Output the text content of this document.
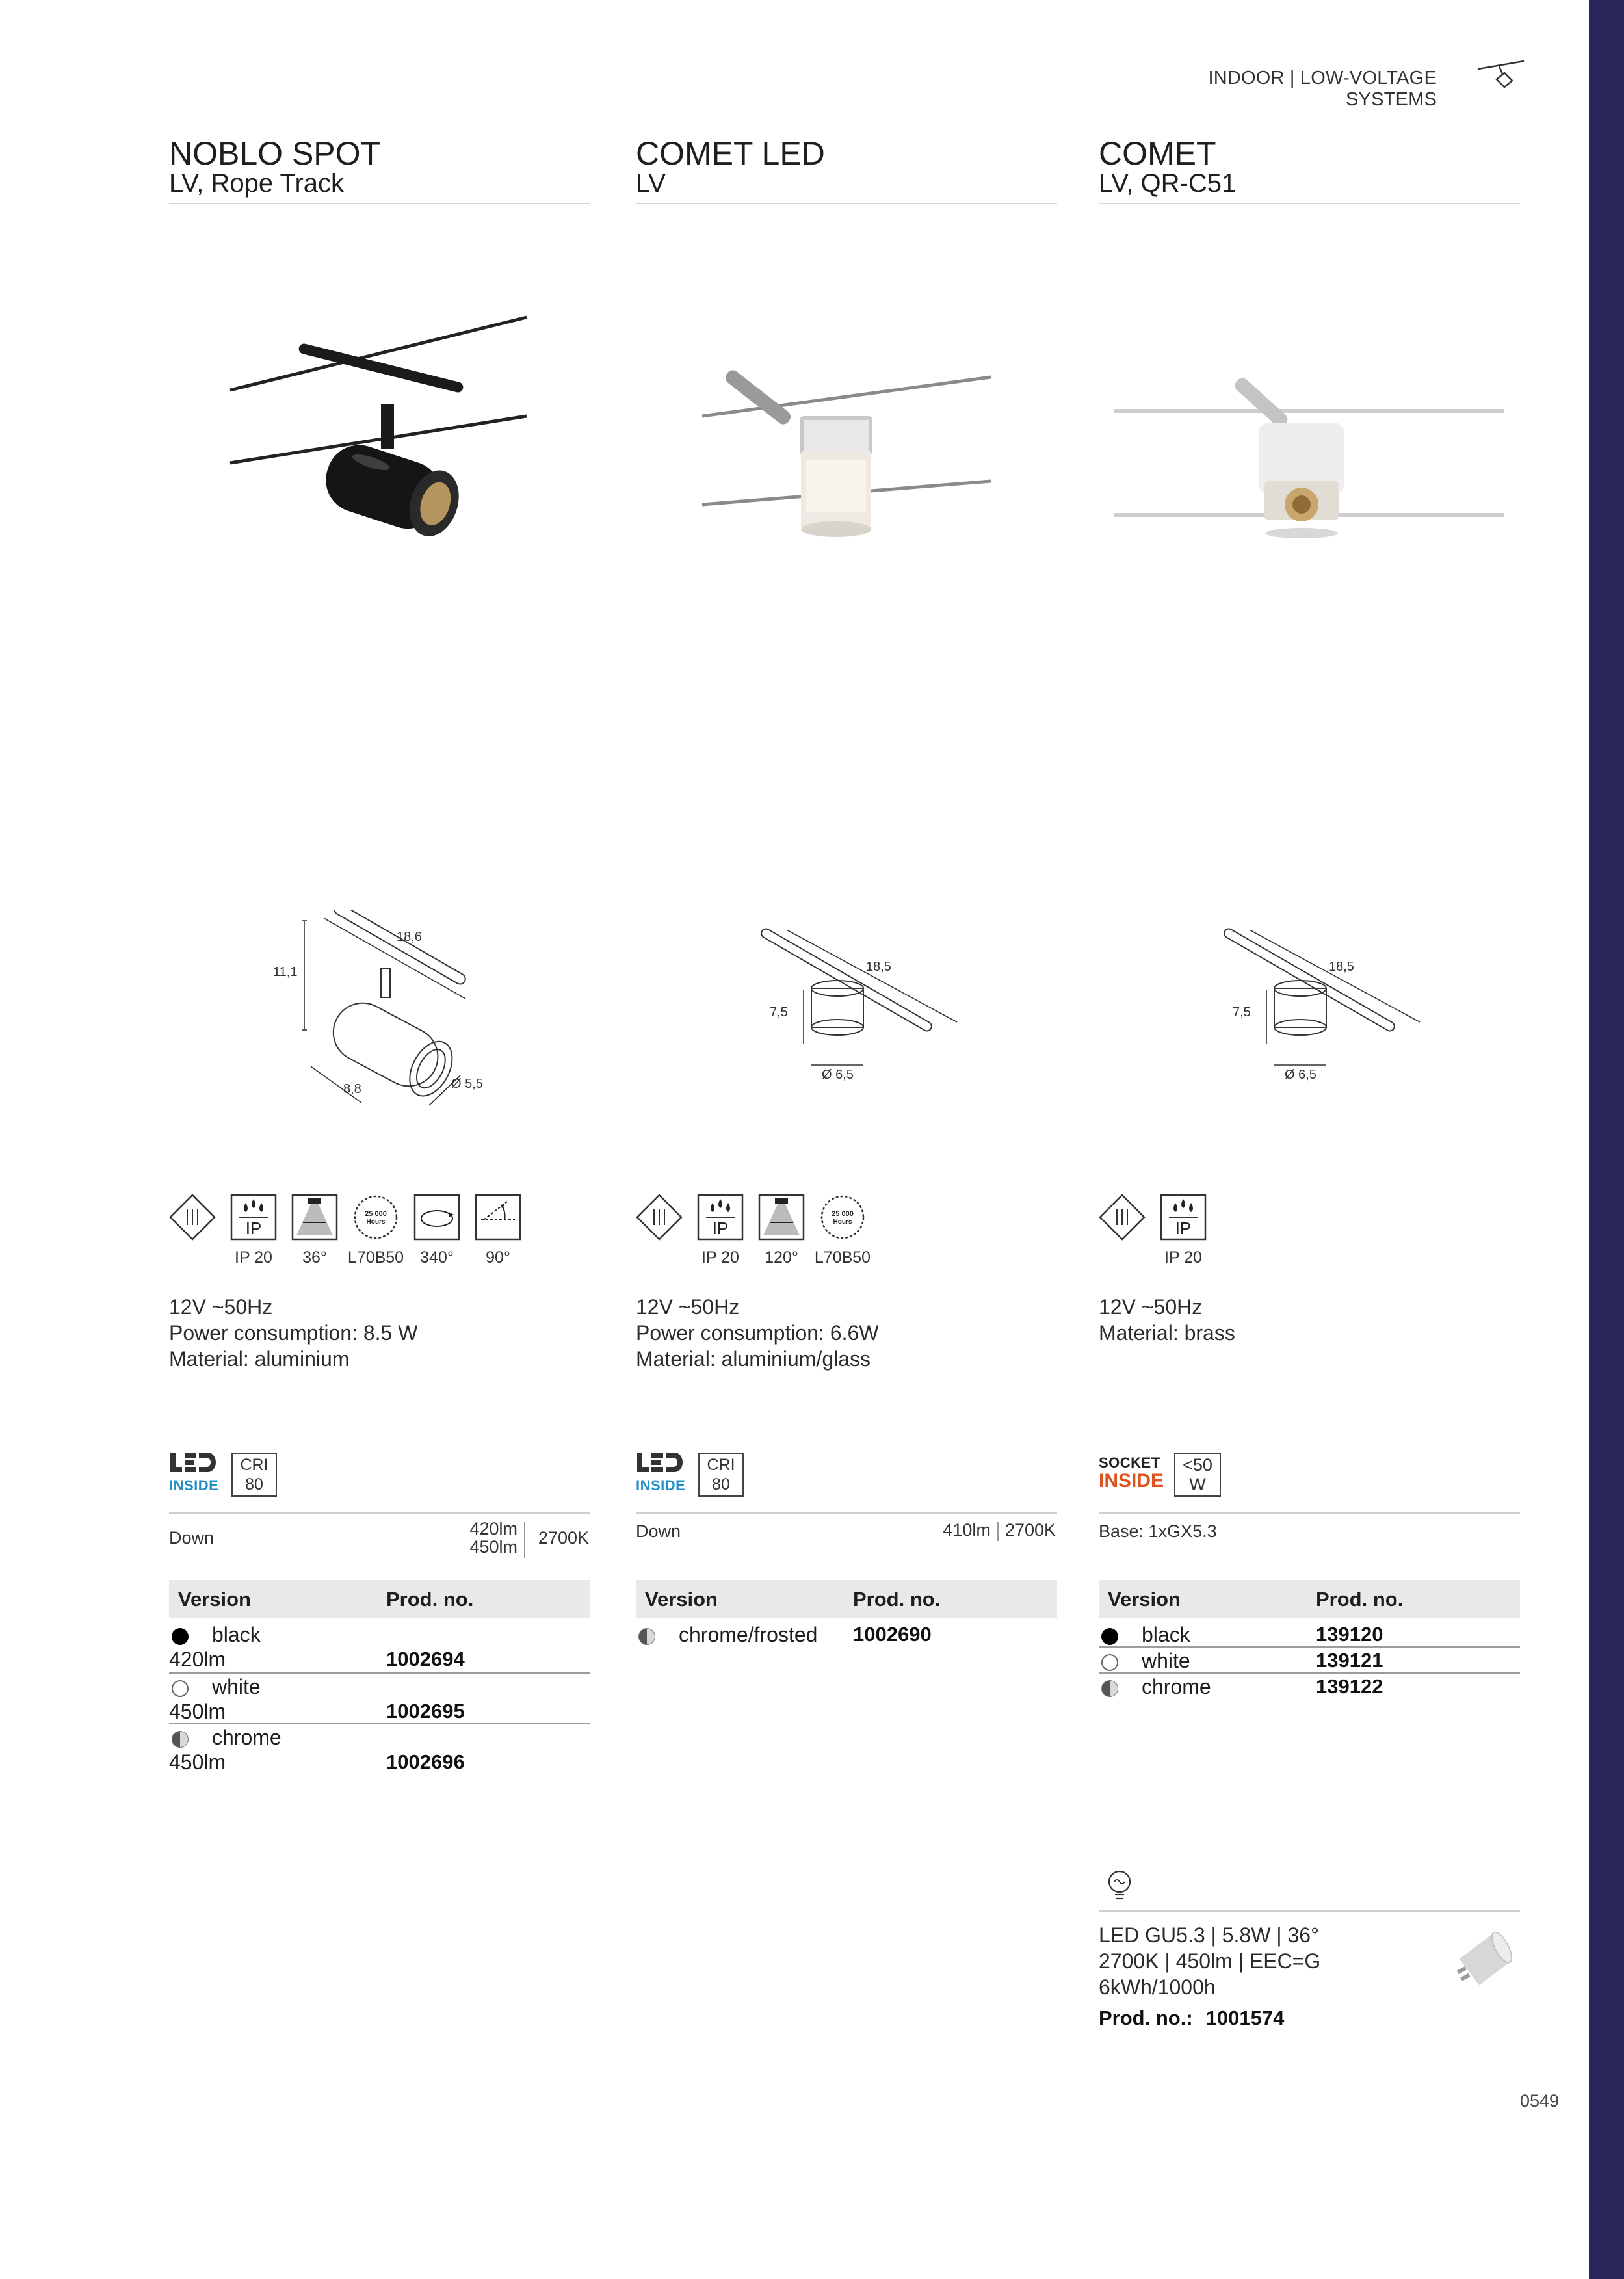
INDOOR | LOW-VOLTAGE SYSTEMS
NOBLO SPOT
LV, Rope Track
18,6
11,1
8,8	Ø 5,5
IP
IP 20	36°
25 000
Hours
L70B50	340°	90°
12V ~50Hz
Power consumption: 8.5 W
Material: aluminium
INSIDE
CRI
80
Down	420lm
450lm 2700K
Version	Prod. no.
black
420lm	1002694
white
450lm	1002695
chrome
450lm	1002696
COMET LED
LV
18,5
7,5
Ø 6,5
IP
IP 20	120°
25 000
Hours
L70B50
12V ~50Hz
Power consumption: 6.6W
Material: aluminium/glass
INSIDE
CRI
80
Down	410lm 2700K
Version	Prod. no.
chrome/frosted 1002690
COMET
LV, QR-C51
18,5
7,5
Ø 6,5
IP
IP 20
12V ~50Hz
Material: brass
SOCKET
INSIDE
<50
W
Base: 1xGX5.3
Version	Prod. no.
black	139120
white	139121
chrome	139122
LED GU5.3 | 5.8W | 36°
2700K | 450lm | EEC=G
6kWh/1000h
Prod. no.: 1001574
0549
